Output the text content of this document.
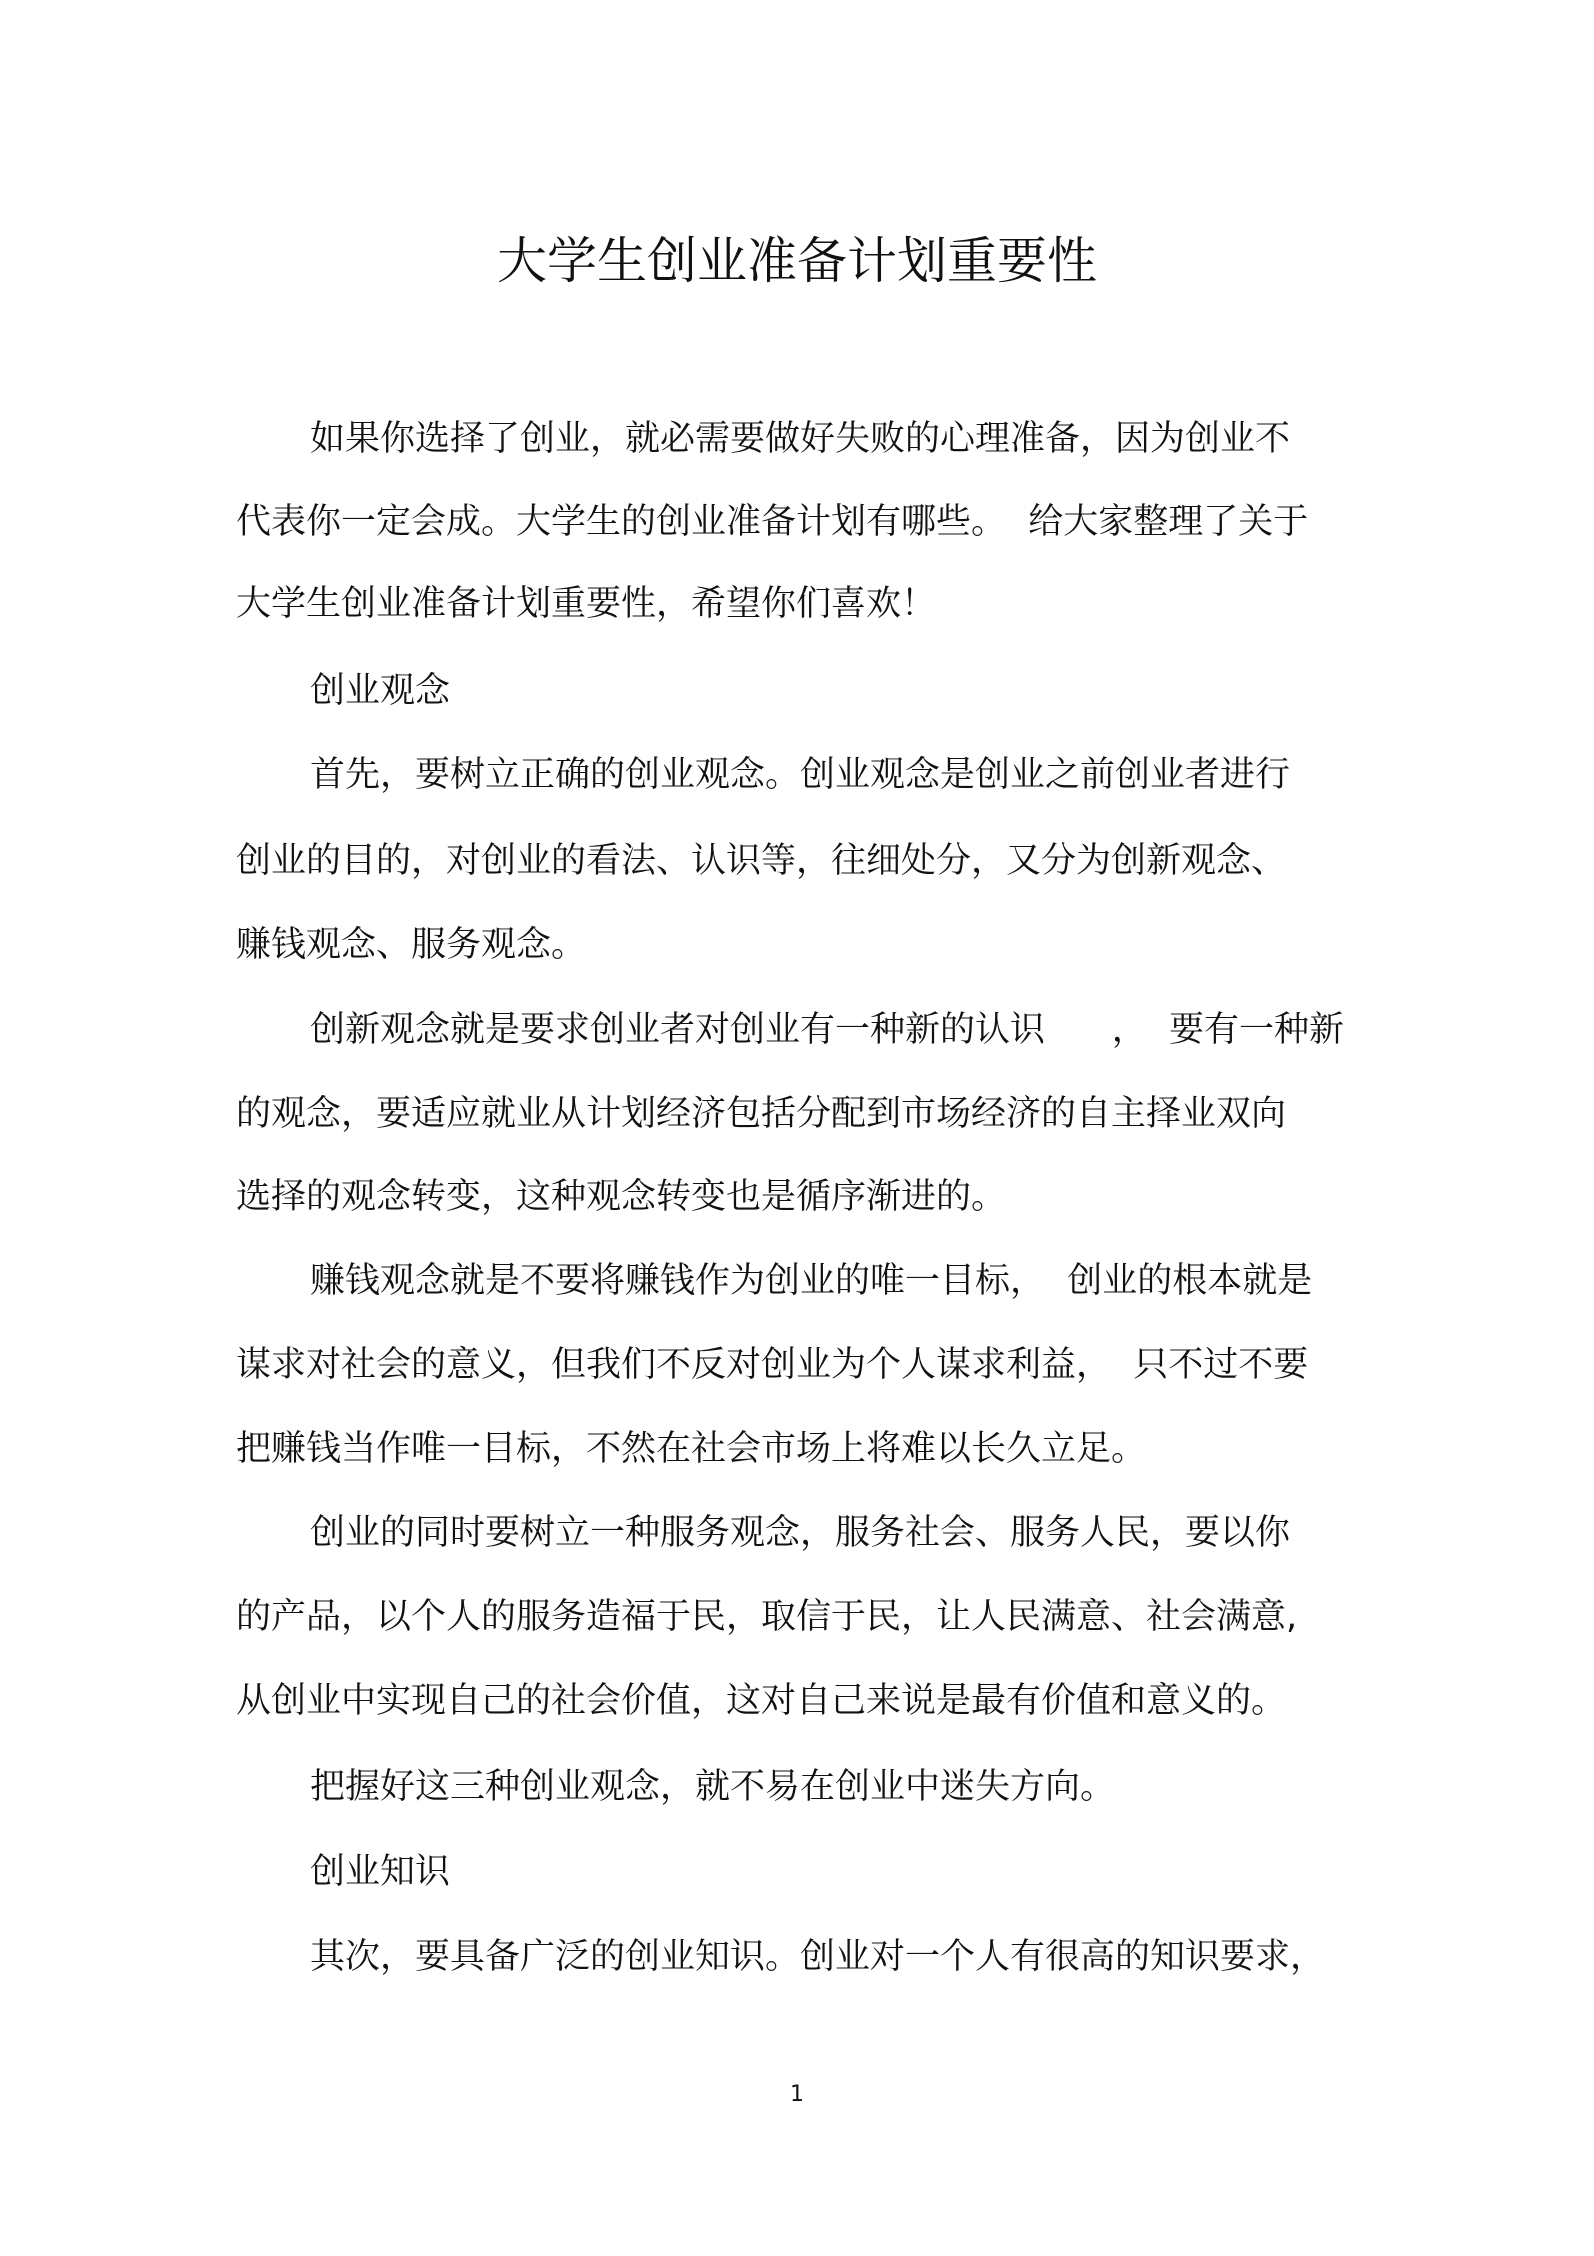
大学生创业准备计划重要性
如果你选择了创业，就必需要做好失败的心理准备，因为创业不
代表你一定会成。大学生的创业准备计划有哪些。  给大家整理了关于
大学生创业准备计划重要性，希望你们喜欢！
创业观念
首先，要树立正确的创业观念。创业观念是创业之前创业者进行
创业的目的，对创业的看法、认识等，往细处分，又分为创新观念、
赚钱观念、服务观念。
创新观念就是要求创业者对创业有一种新的认识      ，  要有一种新
的观念，要适应就业从计划经济包括分配到市场经济的自主择业双向
选择的观念转变，这种观念转变也是循序渐进的。
赚钱观念就是不要将赚钱作为创业的唯一目标，  创业的根本就是
谋求对社会的意义，但我们不反对创业为个人谋求利益，  只不过不要
把赚钱当作唯一目标，不然在社会市场上将难以长久立足。
创业的同时要树立一种服务观念，服务社会、服务人民，要以你
的产品，以个人的服务造福于民，取信于民，让人民满意、社会满意,
从创业中实现自己的社会价值，这对自己来说是最有价值和意义的。
把握好这三种创业观念，就不易在创业中迷失方向。
创业知识
其次，要具备广泛的创业知识。创业对一个人有很高的知识要求，
1
